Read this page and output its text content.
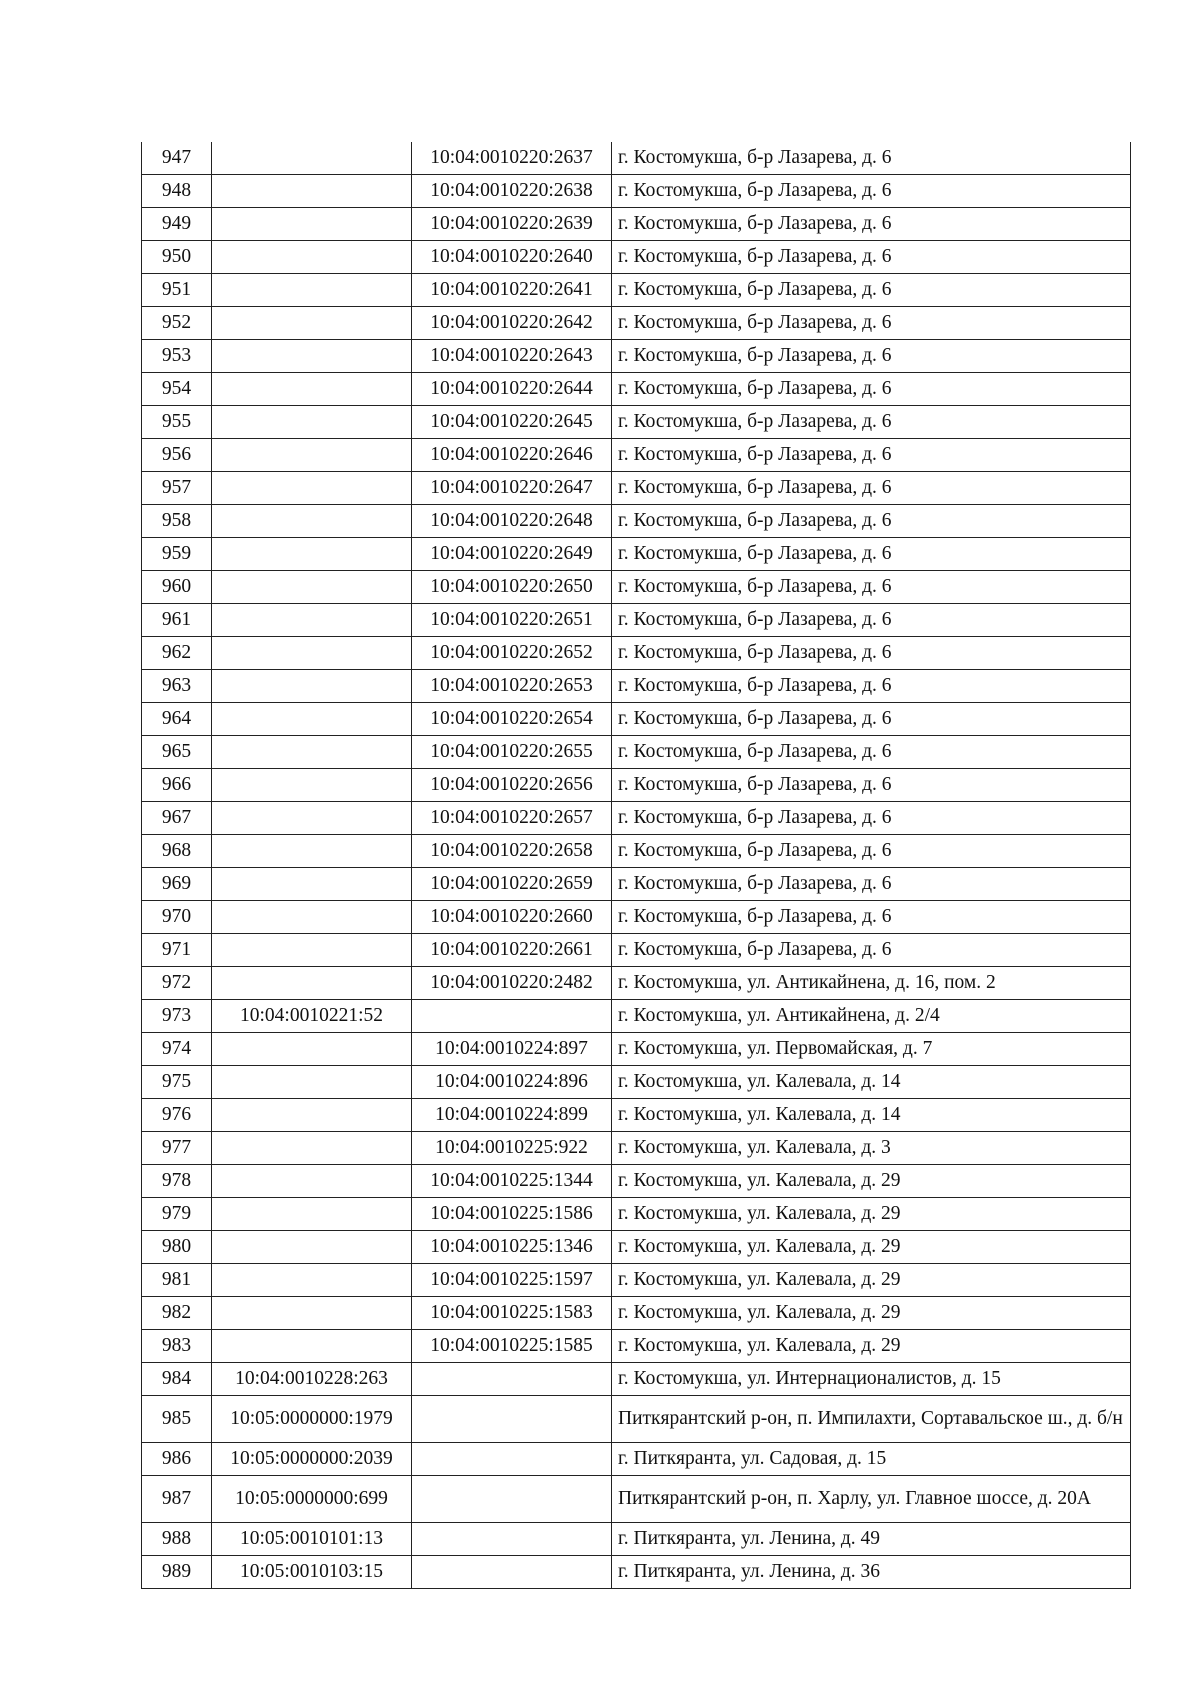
947		10:04:0010220:2637	г. Костомукша, б-р Лазарева, д. 6
948		10:04:0010220:2638	г. Костомукша, б-р Лазарева, д. 6
949		10:04:0010220:2639	г. Костомукша, б-р Лазарева, д. 6
950		10:04:0010220:2640	г. Костомукша, б-р Лазарева, д. 6
951		10:04:0010220:2641	г. Костомукша, б-р Лазарева, д. 6
952		10:04:0010220:2642	г. Костомукша, б-р Лазарева, д. 6
953		10:04:0010220:2643	г. Костомукша, б-р Лазарева, д. 6
954		10:04:0010220:2644	г. Костомукша, б-р Лазарева, д. 6
955		10:04:0010220:2645	г. Костомукша, б-р Лазарева, д. 6
956		10:04:0010220:2646	г. Костомукша, б-р Лазарева, д. 6
957		10:04:0010220:2647	г. Костомукша, б-р Лазарева, д. 6
958		10:04:0010220:2648	г. Костомукша, б-р Лазарева, д. 6
959		10:04:0010220:2649	г. Костомукша, б-р Лазарева, д. 6
960		10:04:0010220:2650	г. Костомукша, б-р Лазарева, д. 6
961		10:04:0010220:2651	г. Костомукша, б-р Лазарева, д. 6
962		10:04:0010220:2652	г. Костомукша, б-р Лазарева, д. 6
963		10:04:0010220:2653	г. Костомукша, б-р Лазарева, д. 6
964		10:04:0010220:2654	г. Костомукша, б-р Лазарева, д. 6
965		10:04:0010220:2655	г. Костомукша, б-р Лазарева, д. 6
966		10:04:0010220:2656	г. Костомукша, б-р Лазарева, д. 6
967		10:04:0010220:2657	г. Костомукша, б-р Лазарева, д. 6
968		10:04:0010220:2658	г. Костомукша, б-р Лазарева, д. 6
969		10:04:0010220:2659	г. Костомукша, б-р Лазарева, д. 6
970		10:04:0010220:2660	г. Костомукша, б-р Лазарева, д. 6
971		10:04:0010220:2661	г. Костомукша, б-р Лазарева, д. 6
972		10:04:0010220:2482	г. Костомукша, ул. Антикайнена, д. 16, пом. 2
973	10:04:0010221:52		г. Костомукша, ул. Антикайнена, д. 2/4
974		10:04:0010224:897	г. Костомукша, ул. Первомайская, д. 7
975		10:04:0010224:896	г. Костомукша, ул. Калевала, д. 14
976		10:04:0010224:899	г. Костомукша, ул. Калевала, д. 14
977		10:04:0010225:922	г. Костомукша, ул. Калевала, д. 3
978		10:04:0010225:1344	г. Костомукша, ул. Калевала, д. 29
979		10:04:0010225:1586	г. Костомукша, ул. Калевала, д. 29
980		10:04:0010225:1346	г. Костомукша, ул. Калевала, д. 29
981		10:04:0010225:1597	г. Костомукша, ул. Калевала, д. 29
982		10:04:0010225:1583	г. Костомукша, ул. Калевала, д. 29
983		10:04:0010225:1585	г. Костомукша, ул. Калевала, д. 29
984	10:04:0010228:263		г. Костомукша, ул. Интернационалистов, д. 15
985	10:05:0000000:1979		Питкярантский р-он, п. Импилахти, Сортавальское ш., д. б/н
986	10:05:0000000:2039		г. Питкяранта, ул. Садовая, д. 15
987	10:05:0000000:699		Питкярантский р-он, п. Харлу, ул. Главное шоссе, д. 20А
988	10:05:0010101:13		г. Питкяранта, ул. Ленина, д. 49
989	10:05:0010103:15		г. Питкяранта, ул. Ленина, д. 36
